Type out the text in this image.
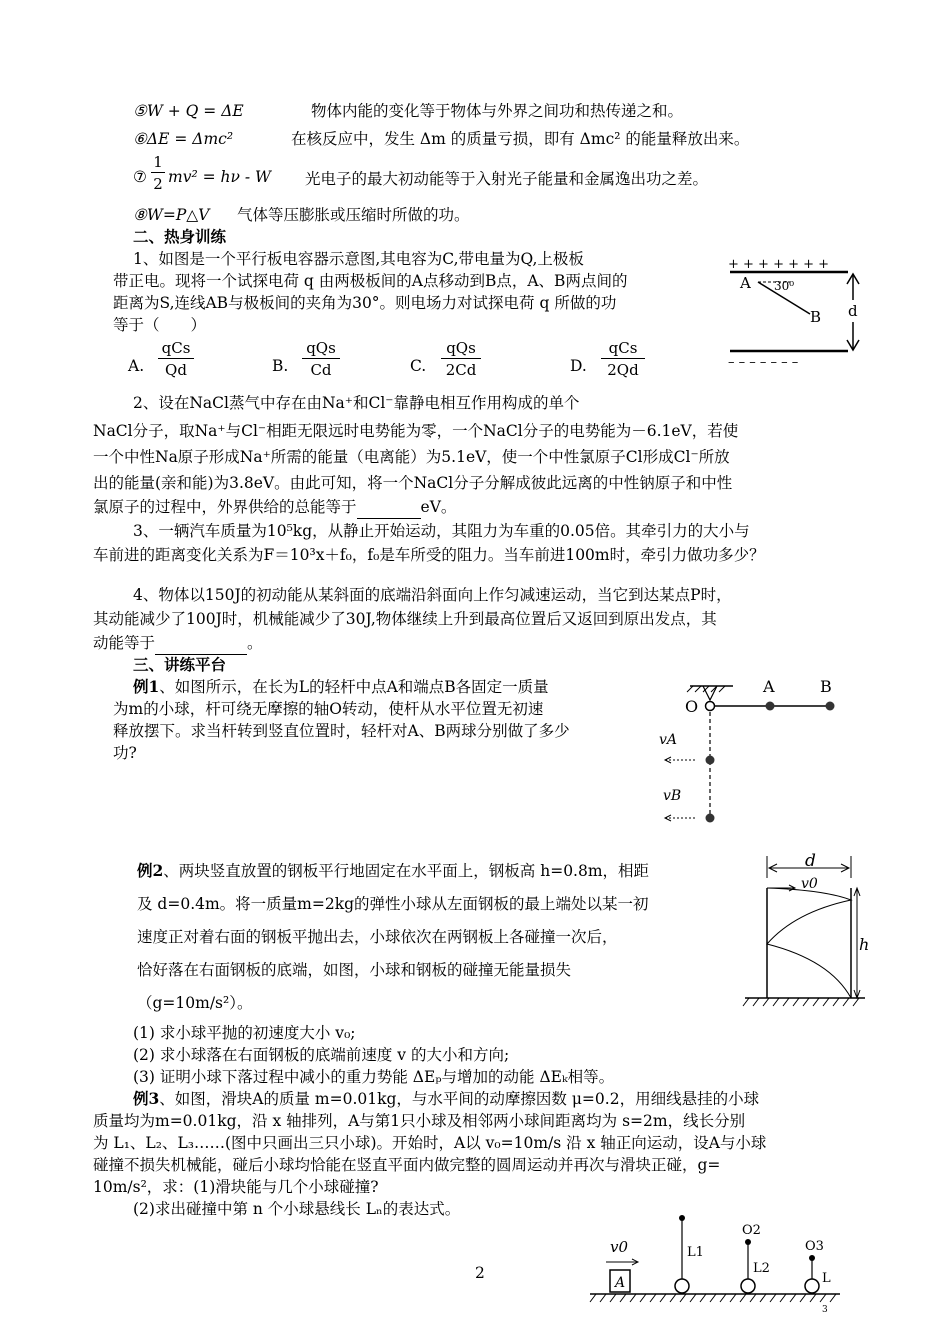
⑤W + Q = ΔE	物体内能的变化等于物体与外界之间功和热传递之和。
⑥ΔE = Δmc²	在核反应中，发生 Δm 的质量亏损，即有 Δmc² 的能量释放出来。
⑦ $\frac{1}{2} mv^2 = h\nu - W$ 光电子的最大初动能等于入射光子能量和金属逸出功之差。
⑧W=P△V 气体等压膨胀或压缩时所做的功。
二、热身训练
1、如图是一个平行板电容器示意图,其电容为C,带电量为Q,上极板
带正电。现将一个试探电荷 q 由两极板间的A点移动到B点，A、B两点间的
距离为S,连线AB与极板间的夹角为30°。则电场力对试探电荷 q 所做的功
等于（　　）
A.
qCs
Qd	B.
qQs
Cd	C.
qQs
2Cd	D.
qCs
2Qd
+ + + + + + +
– – – – – – –
A 30⁰
B d
2、设在NaCl蒸气中存在由Na⁺和Cl⁻靠静电相互作用构成的单个
NaCl分子，取Na⁺与Cl⁻相距无限远时电势能为零，一个NaCl分子的电势能为－6.1eV，若使
一个中性Na原子形成Na⁺所需的能量（电离能）为5.1eV，使一个中性氯原子Cl形成Cl⁻所放
出的能量(亲和能)为3.8eV。由此可知，将一个NaCl分子分解成彼此远离的中性钠原子和中性
氯原子的过程中，外界供给的总能等于	eV。
3、一辆汽车质量为10⁵kg，从静止开始运动，其阻力为车重的0.05倍。其牵引力的大小与
车前进的距离变化关系为F＝10³x＋f₀，f₀是车所受的阻力。当车前进100m时，牵引力做功多少？
4、物体以150J的初动能从某斜面的底端沿斜面向上作匀减速运动，当它到达某点P时，
其动能减少了100J时，机械能减少了30J,物体继续上升到最高位置后又返回到原出发点，其
动能等于	。
三、讲练平台
例1、如图所示，在长为L的轻杆中点A和端点B各固定一质量
为m的小球，杆可绕无摩擦的轴O转动，使杆从水平位置无初速
释放摆下。求当杆转到竖直位置时，轻杆对A、B两球分别做了多少
功?
O
A	B
vA
vB
例2、两块竖直放置的钢板平行地固定在水平面上，钢板高 h=0.8m，相距
及 d=0.4m。将一质量m=2kg的弹性小球从左面钢板的最上端处以某一初
速度正对着右面的钢板平抛出去，小球依次在两钢板上各碰撞一次后，
恰好落在右面钢板的底端，如图，小球和钢板的碰撞无能量损失
（g=10m/s²）。
(1) 求小球平抛的初速度大小 v₀;
(2) 求小球落在右面钢板的底端前速度 v 的大小和方向;
(3) 证明小球下落过程中减小的重力势能 ΔEₚ与增加的动能 ΔEₖ相等。
d
v0
h
例3、如图，滑块A的质量 m=0.01kg，与水平间的动摩擦因数 μ=0.2，用细线悬挂的小球
质量均为m=0.01kg，沿 x 轴排列，A与第1只小球及相邻两小球间距离均为 s=2m，线长分别
为 L₁、L₂、L₃……(图中只画出三只小球)。开始时，A以 v₀=10m/s 沿 x 轴正向运动，设A与小球
碰撞不损失机械能，碰后小球均恰能在竖直平面内做完整的圆周运动并再次与滑块正碰，g=
10m/s²，求：(1)滑块能与几个小球碰撞?
(2)求出碰撞中第 n 个小球悬线长 Lₙ的表达式。
v0
A
L1
O2
L2
O3
L
3
2
